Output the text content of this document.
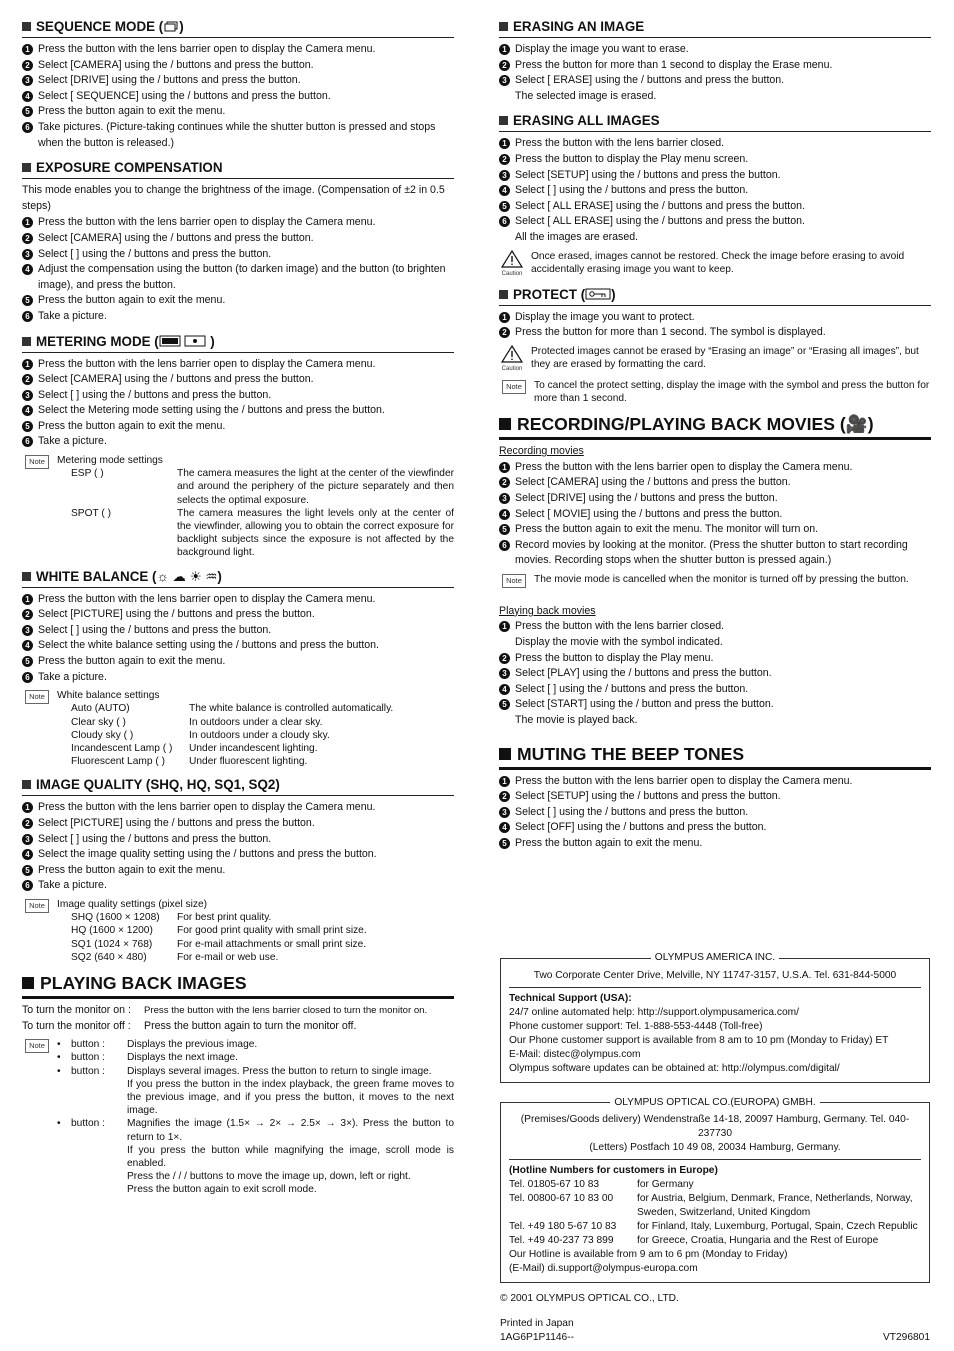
SEQUENCE MODE ( )
1 Press the button with the lens barrier open to display the Camera menu.
2 Select [CAMERA] using the / buttons and press the button.
3 Select [DRIVE] using the / buttons and press the button.
4 Select [ SEQUENCE] using the / buttons and press the button.
5 Press the button again to exit the menu.
6 Take pictures. (Picture-taking continues while the shutter button is pressed and stops when the button is released.)
EXPOSURE COMPENSATION
This mode enables you to change the brightness of the image. (Compensation of ±2 in 0.5 steps)
1 Press the button with the lens barrier open to display the Camera menu.
2 Select [CAMERA] using the / buttons and press the button.
3 Select [ ] using the / buttons and press the button.
4 Adjust the compensation using the button (to darken image) and the button (to brighten image), and press the button.
5 Press the button again to exit the menu.
6 Take a picture.
METERING MODE (

	)
1 Press the button with the lens barrier open to display the Camera menu.
2 Select [CAMERA] using the / buttons and press the button.
3 Select [ ] using the / buttons and press the button.
4 Select the Metering mode setting using the / buttons and press the button.
5 Press the button again to exit the menu.
6 Take a picture.
Note	Metering mode settings
ESP ( )	The camera measures the light at the center of the viewfinder and around the periphery of the picture separately and then selects the optimal exposure.
SPOT ( )	The camera measures the light levels only at the center of the viewfinder, allowing you to obtain the correct exposure for backlight subjects since the exposure is not affected by the background light.
WHITE BALANCE ( ☼
☁
☀
♒ )
1 Press the button with the lens barrier open to display the Camera menu.
2 Select [PICTURE] using the / buttons and press the button.
3 Select [ ] using the / buttons and press the button.
4 Select the white balance setting using the / buttons and press the button.
5 Press the button again to exit the menu.
6 Take a picture.
Note	White balance settings
Auto (AUTO)	The white balance is controlled automatically.
Clear sky ( )	In outdoors under a clear sky.
Cloudy sky ( )	In outdoors under a cloudy sky.
Incandescent Lamp ( )	Under incandescent lighting.
Fluorescent Lamp ( )	Under fluorescent lighting.
IMAGE QUALITY (SHQ, HQ, SQ1, SQ2)
1 Press the button with the lens barrier open to display the Camera menu.
2 Select [PICTURE] using the / buttons and press the button.
3 Select [ ] using the / buttons and press the button.
4 Select the image quality setting using the / buttons and press the button.
5 Press the button again to exit the menu.
6 Take a picture.
Note	Image quality settings (pixel size)
SHQ (1600 × 1208)	For best print quality.
HQ (1600 × 1200)	For good print quality with small print size.
SQ1 (1024 × 768)	For e-mail attachments or small print size.
SQ2 (640 × 480)	For e-mail or web use.
PLAYING BACK IMAGES
To turn the monitor on :	Press the button with the lens barrier closed to turn the monitor on.
To turn the monitor off :	Press the button again to turn the monitor off.
Note	•	button :	Displays the previous image.
•	button :	Displays the next image.
•	button :	Displays several images. Press the button to return to single image.
If you press the button in the index playback, the green frame moves to the previous image, and if you press the button, it moves to the next image.
•	button :	Magnifies the image (1.5× → 2× → 2.5× → 3×). Press the button to return to 1×.
If you press the button while magnifying the image, scroll mode is enabled.
Press the / / / buttons to move the image up, down, left or right.
Press the button again to exit scroll mode.
ERASING AN IMAGE
1 Display the image you want to erase.
2 Press the button for more than 1 second to display the Erase menu.
3 Select [ ERASE] using the / buttons and press the button.
The selected image is erased.
ERASING ALL IMAGES
1 Press the button with the lens barrier closed.
2 Press the button to display the Play menu screen.
3 Select [SETUP] using the / buttons and press the button.
4 Select [ ] using the / buttons and press the button.
5 Select [ ALL ERASE] using the / buttons and press the button.
6 Select [ ALL ERASE] using the / buttons and press the button.
All the images are erased.
Caution
Once erased, images cannot be restored. Check the image before erasing to avoid accidentally erasing image you want to keep.
PROTECT ( )
1 Display the image you want to protect.
2 Press the button for more than 1 second. The symbol is displayed.
Caution
Protected images cannot be erased by “Erasing an image” or “Erasing all images”, but they are erased by formatting the card.
Note	To cancel the protect setting, display the image with the symbol and press the button for more than 1 second.
RECORDING/PLAYING BACK MOVIES ( 🎥 )
Recording movies
1 Press the button with the lens barrier open to display the Camera menu.
2 Select [CAMERA] using the / buttons and press the button.
3 Select [DRIVE] using the / buttons and press the button.
4 Select [ MOVIE] using the / buttons and press the button.
5 Press the button again to exit the menu. The monitor will turn on.
6 Record movies by looking at the monitor. (Press the shutter button to start recording movies. Recording stops when the shutter button is pressed again.)
Note	The movie mode is cancelled when the monitor is turned off by pressing the button.
Playing back movies
1 Press the button with the lens barrier closed.
Display the movie with the symbol indicated.
2 Press the button to display the Play menu.
3 Select [PLAY] using the / buttons and press the button.
4 Select [ ] using the / buttons and press the button.
5 Select [START] using the / button and press the button.
The movie is played back.
MUTING THE BEEP TONES
1 Press the button with the lens barrier open to display the Camera menu.
2 Select [SETUP] using the / buttons and press the button.
3 Select [ ] using the / buttons and press the button.
4 Select [OFF] using the / buttons and press the button.
5 Press the button again to exit the menu.
OLYMPUS AMERICA INC.
Two Corporate Center Drive, Melville, NY 11747-3157, U.S.A. Tel. 631-844-5000
Technical Support (USA):
24/7 online automated help: http://support.olympusamerica.com/
Phone customer support: Tel. 1-888-553-4448 (Toll-free)
Our Phone customer support is available from 8 am to 10 pm (Monday to Friday) ET
E-Mail: distec@olympus.com
Olympus software updates can be obtained at: http://olympus.com/digital/
OLYMPUS OPTICAL CO.(EUROPA) GMBH.
(Premises/Goods delivery) Wendenstraße 14-18, 20097 Hamburg, Germany. Tel. 040-237730
(Letters) Postfach 10 49 08, 20034 Hamburg, Germany.
(Hotline Numbers for customers in Europe)
Tel. 01805-67 10 83	for Germany
Tel. 00800-67 10 83 00	for Austria, Belgium, Denmark, France, Netherlands, Norway, Sweden, Switzerland, United Kingdom
Tel. +49 180 5-67 10 83	for Finland, Italy, Luxemburg, Portugal, Spain, Czech Republic
Tel. +49 40-237 73 899	for Greece, Croatia, Hungaria and the Rest of Europe
Our Hotline is available from 9 am to 6 pm (Monday to Friday)
(E-Mail) di.support@olympus-europa.com
© 2001 OLYMPUS OPTICAL CO., LTD.
Printed in Japan
1AG6P1P1146--	VT296801
